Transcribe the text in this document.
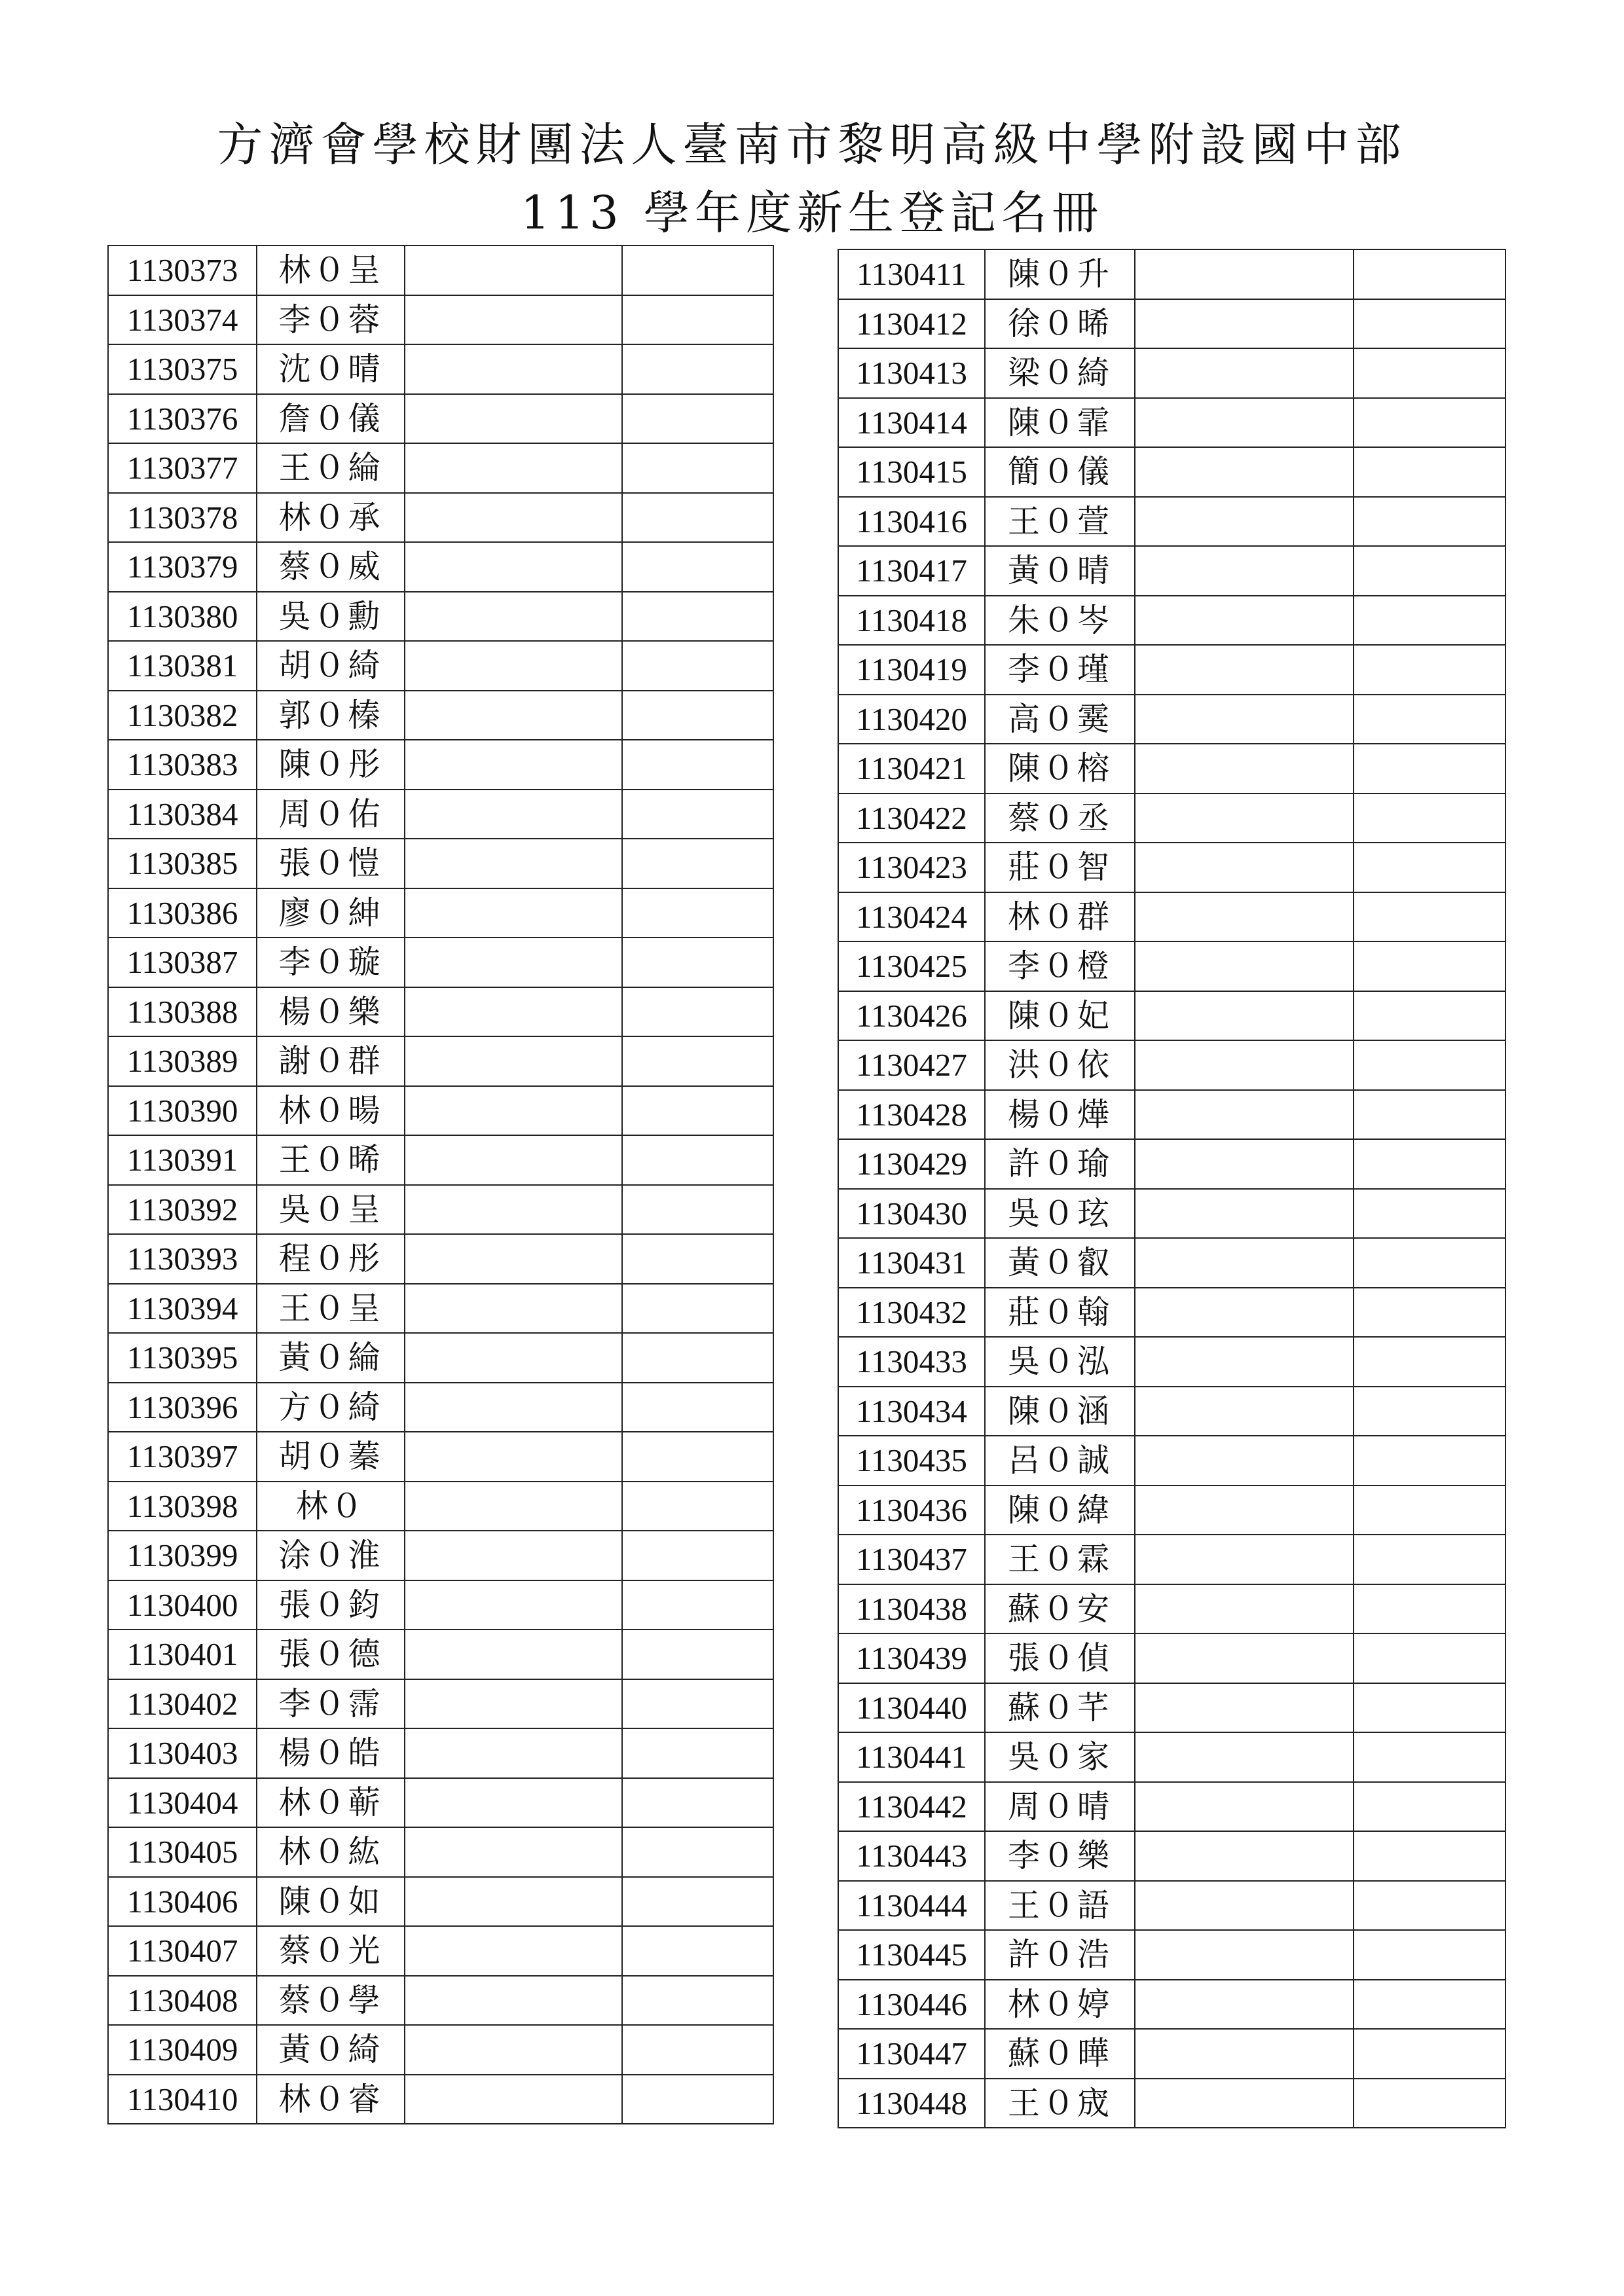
方濟會學校財團法人臺南市黎明高級中學附設國中部
113 學年度新生登記名冊
1130373	林０呈		
1130374	李０蓉		
1130375	沈０晴		
1130376	詹０儀		
1130377	王０綸		
1130378	林０承		
1130379	蔡０威		
1130380	吳０勳		
1130381	胡０綺		
1130382	郭０榛		
1130383	陳０彤		
1130384	周０佑		
1130385	張０愷		
1130386	廖０紳		
1130387	李０璇		
1130388	楊０樂		
1130389	謝０群		
1130390	林０暘		
1130391	王０晞		
1130392	吳０呈		
1130393	程０彤		
1130394	王０呈		
1130395	黃０綸		
1130396	方０綺		
1130397	胡０蓁		
1130398	林０		
1130399	涂０淮		
1130400	張０鈞		
1130401	張０德		
1130402	李０霈		
1130403	楊０皓		
1130404	林０蕲		
1130405	林０紘		
1130406	陳０如		
1130407	蔡０光		
1130408	蔡０學		
1130409	黃０綺		
1130410	林０睿		
1130411	陳０升		
1130412	徐０晞		
1130413	梁０綺		
1130414	陳０霏		
1130415	簡０儀		
1130416	王０萱		
1130417	黃０晴		
1130418	朱０岑		
1130419	李０瑾		
1130420	高０霙		
1130421	陳０榕		
1130422	蔡０丞		
1130423	莊０智		
1130424	林０群		
1130425	李０橙		
1130426	陳０妃		
1130427	洪０依		
1130428	楊０燁		
1130429	許０瑜		
1130430	吳０玹		
1130431	黃０叡		
1130432	莊０翰		
1130433	吳０泓		
1130434	陳０涵		
1130435	呂０誠		
1130436	陳０緯		
1130437	王０霖		
1130438	蘇０安		
1130439	張０偵		
1130440	蘇０芊		
1130441	吳０家		
1130442	周０晴		
1130443	李０樂		
1130444	王０語		
1130445	許０浩		
1130446	林０婷		
1130447	蘇０曄		
1130448	王０宬		
